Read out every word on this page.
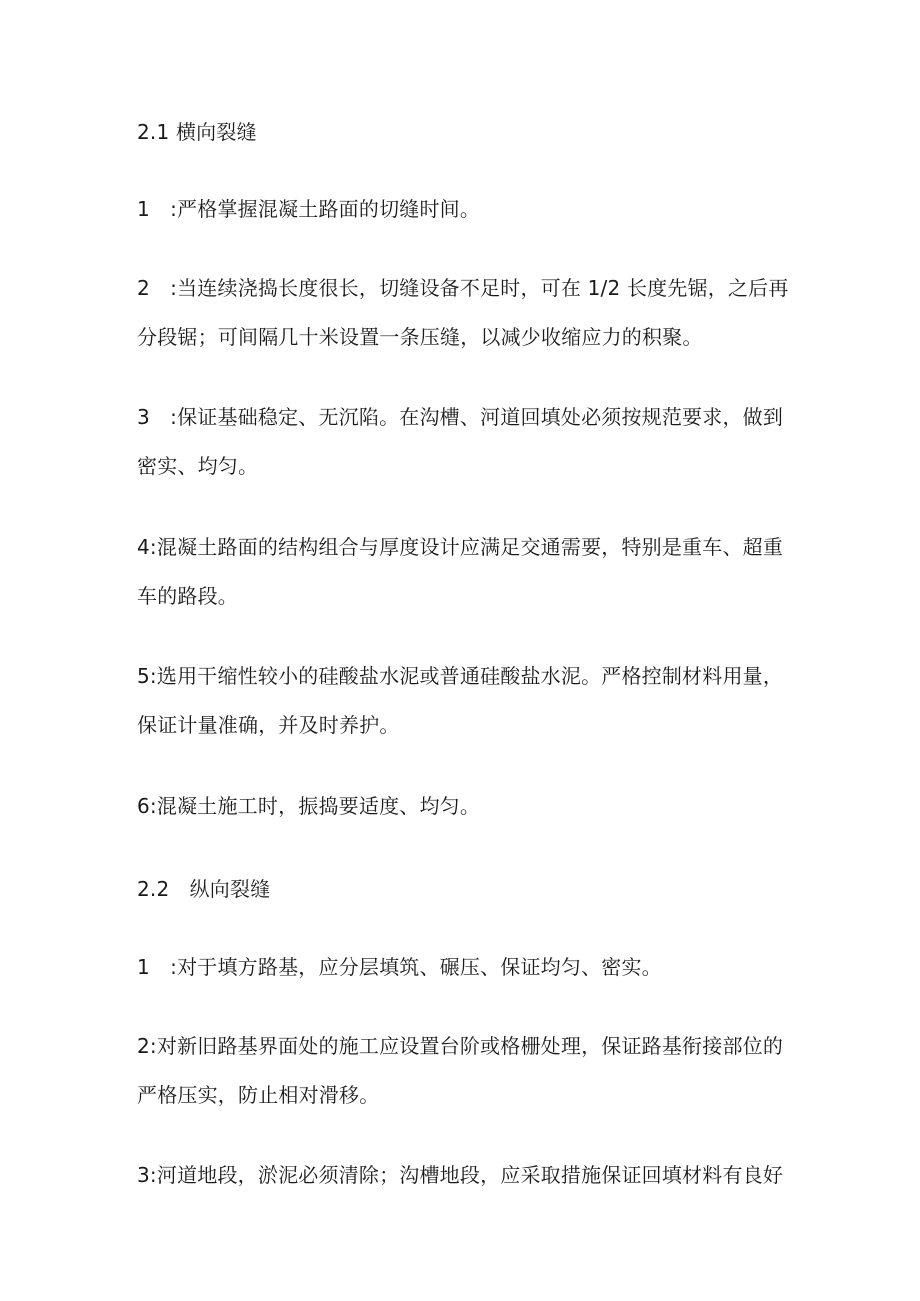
2.1 横向裂缝
1　:严格掌握混凝土路面的切缝时间。
2　:当连续浇捣长度很长，切缝设备不足时，可在 1/2 长度先锯，之后再
分段锯；可间隔几十米设置一条压缝，以减少收缩应力的积聚。
3　:保证基础稳定、无沉陷。在沟槽、河道回填处必须按规范要求，做到
密实、均匀。
4:混凝土路面的结构组合与厚度设计应满足交通需要，特别是重车、超重
车的路段。
5:选用干缩性较小的硅酸盐水泥或普通硅酸盐水泥。严格控制材料用量，
保证计量准确，并及时养护。
6:混凝土施工时，振捣要适度、均匀。
2.2　纵向裂缝
1　:对于填方路基，应分层填筑、碾压、保证均匀、密实。
2:对新旧路基界面处的施工应设置台阶或格栅处理，保证路基衔接部位的
严格压实，防止相对滑移。
3:河道地段，淤泥必须清除；沟槽地段，应采取措施保证回填材料有良好
